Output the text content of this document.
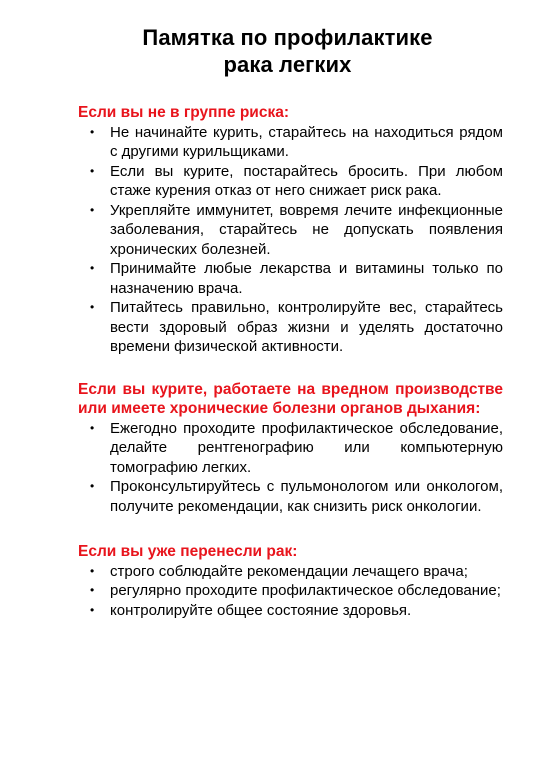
Памятка по профилактике
рака легких

Если вы не в группе риска:

• Не начинайте курить, старайтесь на находиться рядом с другими курильщиками.
• Если вы курите, постарайтесь бросить. При любом стаже курения отказ от него снижает риск рака.
• Укрепляйте иммунитет, вовремя лечите инфекционные заболевания, старайтесь не допускать появления хронических болезней.
• Принимайте любые лекарства и витамины только по назначению врача.
• Питайтесь правильно, контролируйте вес, старайтесь вести здоровый образ жизни и уделять достаточно времени физической активности.

Если вы курите, работаете на вредном производстве или имеете хронические болезни органов дыхания:

• Ежегодно проходите профилактическое обследование, делайте рентгенографию или компьютерную томографию легких.
• Проконсультируйтесь с пульмонологом или онкологом, получите рекомендации, как снизить риск онкологии.

Если вы уже перенесли рак:

• строго соблюдайте рекомендации лечащего врача;
• регулярно проходите профилактическое обследование;
• контролируйте общее состояние здоровья.
